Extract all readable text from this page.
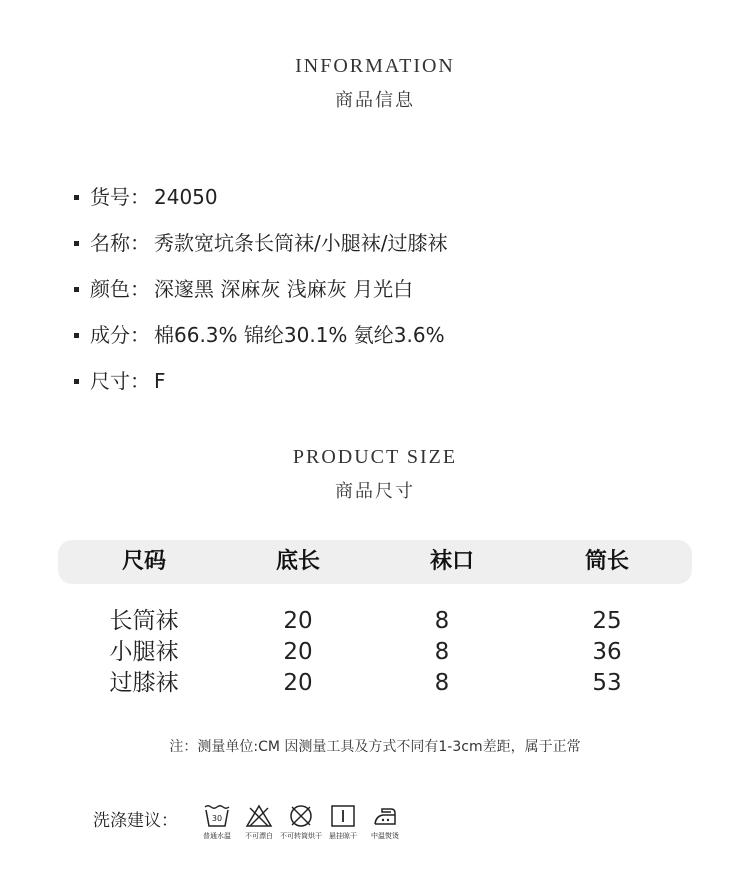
INFORMATION
商品信息
货号 ： 24050
名称 ： 秀款宽坑条长筒袜/小腿袜/过膝袜
颜色 ： 深邃黑 深麻灰 浅麻灰 月光白
成分 ： 棉66.3% 锦纶30.1% 氨纶3.6%
尺寸 ： F
PRODUCT SIZE
商品尺寸
尺码	底长	袜口	筒长
长筒袜	20	8	25
小腿袜	20	8	36
过膝袜	20	8	53
注：测量单位:CM 因测量工具及方式不同有1-3cm差距，属于正常
洗涤建议：	30
普通水温 不可漂白 不可转筒烘干 悬挂晾干 中温熨烫
